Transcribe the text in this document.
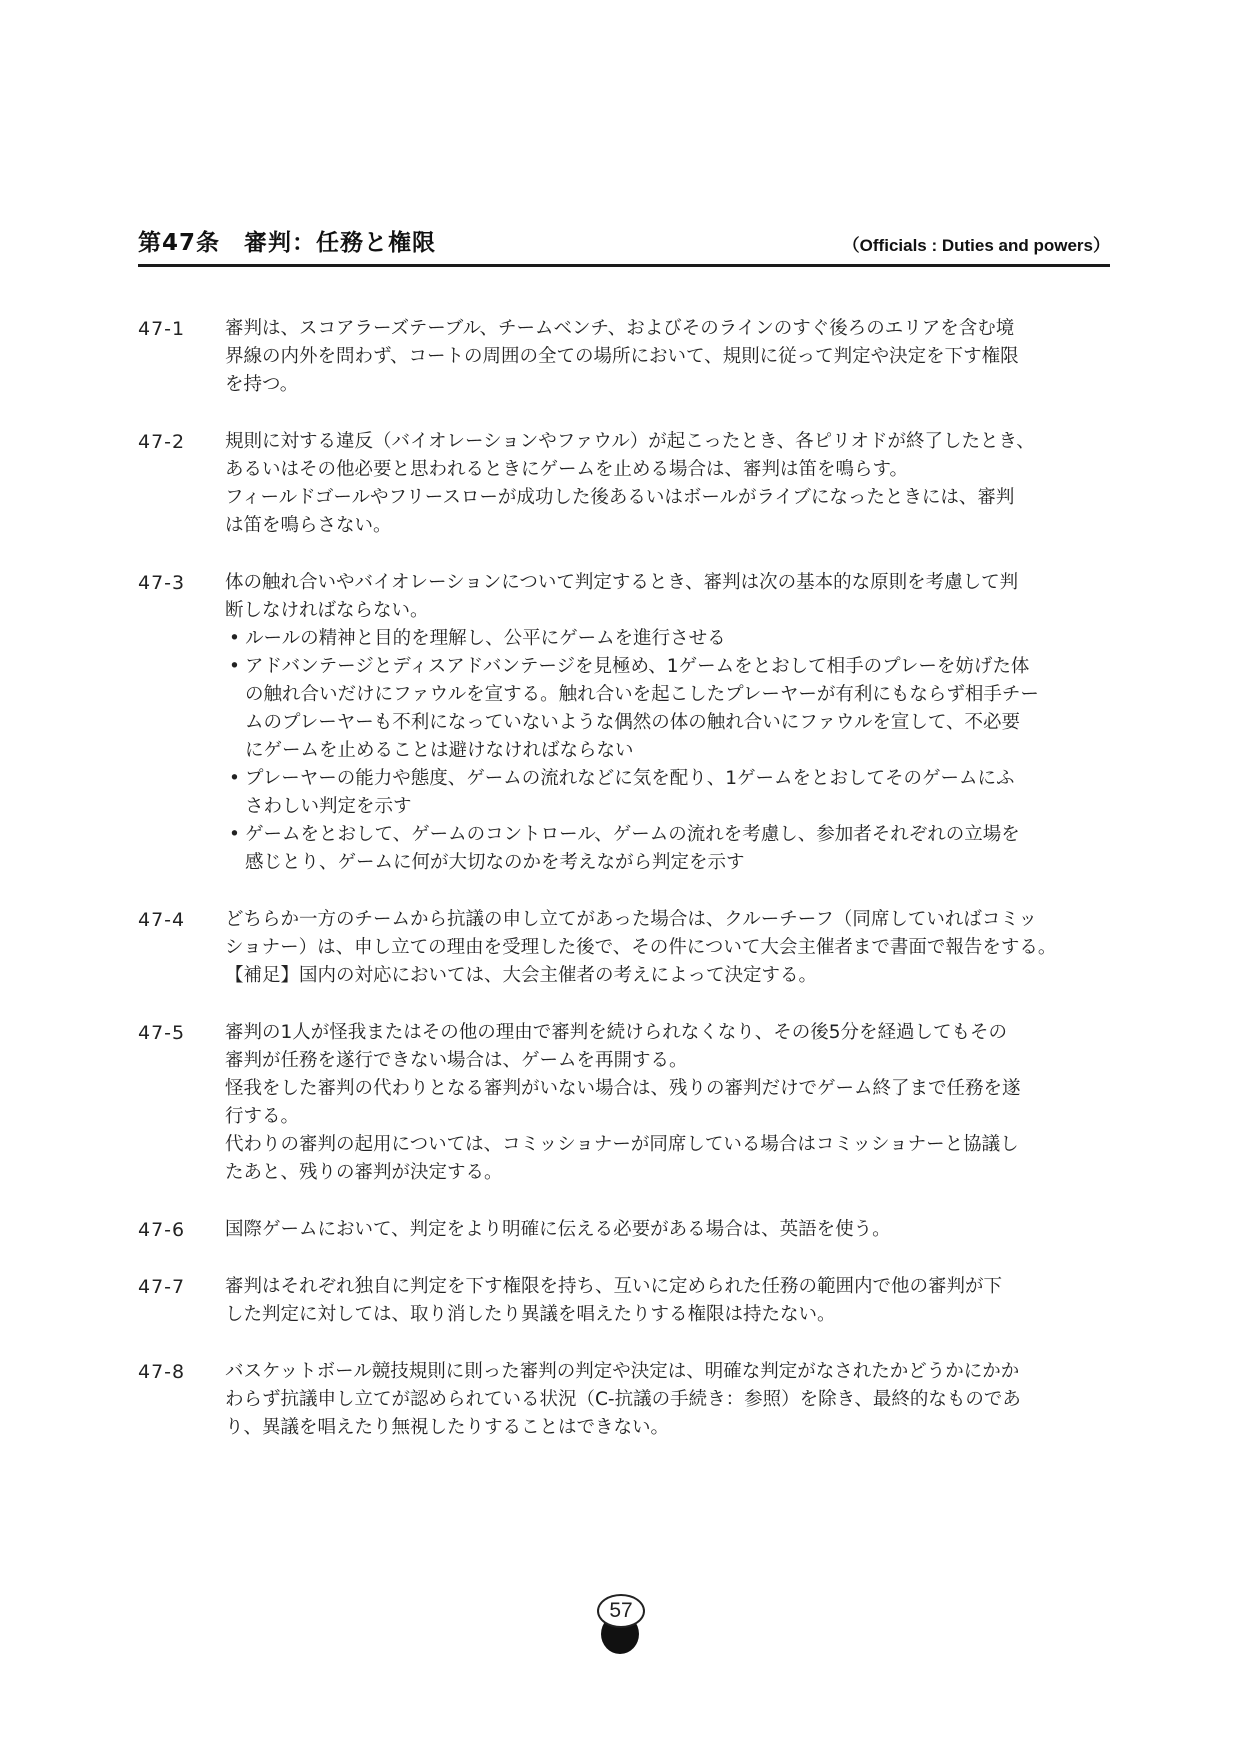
第47条　審判：任務と権限	（Officials : Duties and powers）
47-1 審判は、スコアラーズテーブル、チームベンチ、およびそのラインのすぐ後ろのエリアを含む境
界線の内外を問わず、コートの周囲の全ての場所において、規則に従って判定や決定を下す権限
を持つ。
47-2 規則に対する違反（バイオレーションやファウル）が起こったとき、各ピリオドが終了したとき、
あるいはその他必要と思われるときにゲームを止める場合は、審判は笛を鳴らす。
フィールドゴールやフリースローが成功した後あるいはボールがライブになったときには、審判
は笛を鳴らさない。
47-3 体の触れ合いやバイオレーションについて判定するとき、審判は次の基本的な原則を考慮して判
断しなければならない。
• ルールの精神と目的を理解し、公平にゲームを進行させる
• アドバンテージとディスアドバンテージを見極め、1ゲームをとおして相手のプレーを妨げた体
の触れ合いだけにファウルを宣する。触れ合いを起こしたプレーヤーが有利にもならず相手チー
ムのプレーヤーも不利になっていないような偶然の体の触れ合いにファウルを宣して、不必要
にゲームを止めることは避けなければならない
• プレーヤーの能力や態度、ゲームの流れなどに気を配り、1ゲームをとおしてそのゲームにふ
さわしい判定を示す
• ゲームをとおして、ゲームのコントロール、ゲームの流れを考慮し、参加者それぞれの立場を
感じとり、ゲームに何が大切なのかを考えながら判定を示す
47-4 どちらか一方のチームから抗議の申し立てがあった場合は、クルーチーフ（同席していればコミッ
ショナー）は、申し立ての理由を受理した後で、その件について大会主催者まで書面で報告をする。
【補足】国内の対応においては、大会主催者の考えによって決定する。
47-5 審判の1人が怪我またはその他の理由で審判を続けられなくなり、その後5分を経過してもその
審判が任務を遂行できない場合は、ゲームを再開する。
怪我をした審判の代わりとなる審判がいない場合は、残りの審判だけでゲーム終了まで任務を遂
行する。
代わりの審判の起用については、コミッショナーが同席している場合はコミッショナーと協議し
たあと、残りの審判が決定する。
47-6 国際ゲームにおいて、判定をより明確に伝える必要がある場合は、英語を使う。
47-7 審判はそれぞれ独自に判定を下す権限を持ち、互いに定められた任務の範囲内で他の審判が下
した判定に対しては、取り消したり異議を唱えたりする権限は持たない。
47-8 バスケットボール競技規則に則った審判の判定や決定は、明確な判定がなされたかどうかにかか
わらず抗議申し立てが認められている状況（C-抗議の手続き：参照）を除き、最終的なものであ
り、異議を唱えたり無視したりすることはできない。
57
